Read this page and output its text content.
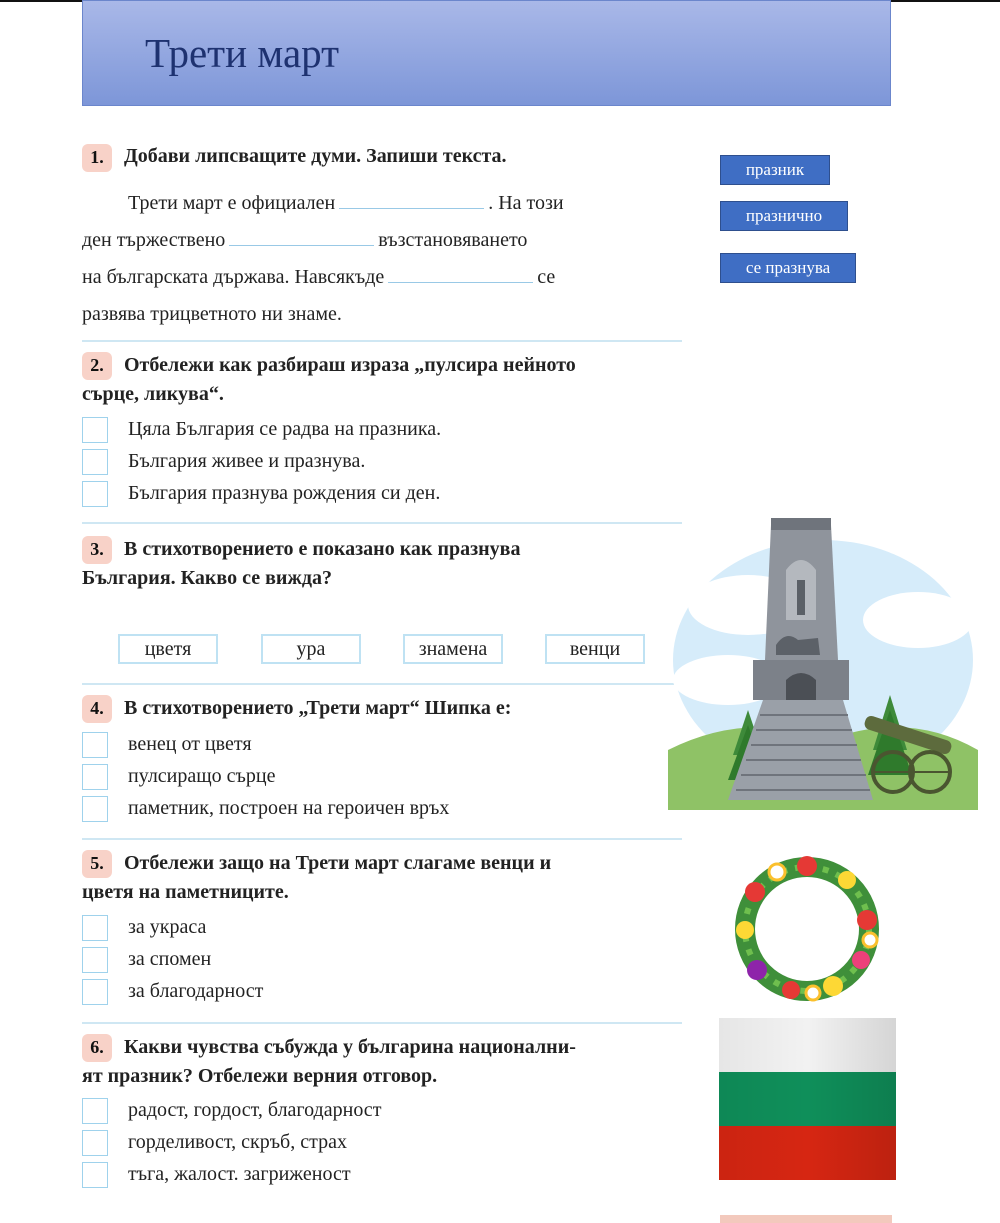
Трети март
празник
празнично
се празнува
1. Добави липсващите думи. Запиши текста.
Трети март е официален	. На този
ден тържествено	възстановяването
на българската държава. Навсякъде	се
развява трицветното ни знаме.
2. Отбележи как разбираш израза „пулсира нейното
сърце, ликува“.
Цяла България се радва на празника.
България живее и празнува.
България празнува рождения си ден.
3. В стихотворението е показано как празнува
България. Какво се вижда?
цветя	ура	знамена	венци
4. В стихотворението „Трети март“ Шипка е:
венец от цветя
пулсиращо сърце
паметник, построен на героичен връх
5. Отбележи защо на Трети март слагаме венци и
цветя на паметниците.
за украса
за спомен
за благодарност
6. Какви чувства събужда у българина национални-
ят празник? Отбележи верния отговор.
радост, гордост, благодарност
горделивост, скръб, страх
тъга, жалост. загриженост
